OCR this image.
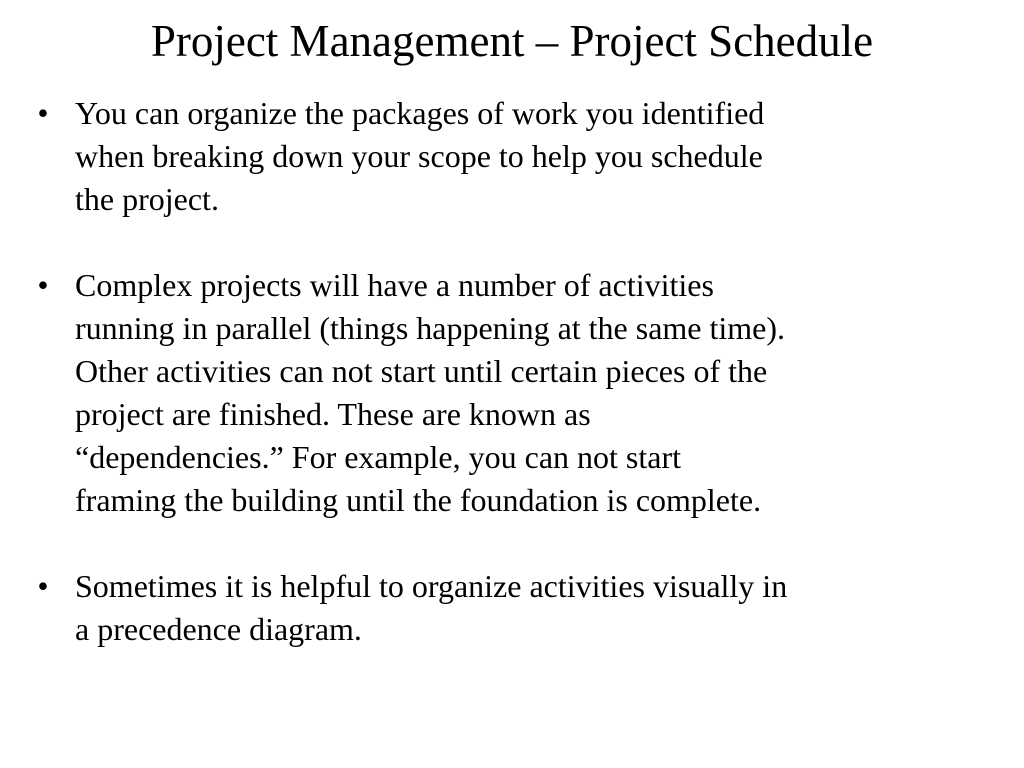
Project Management – Project Schedule
• You can organize the packages of work you identified
when breaking down your scope to help you schedule
the project.
• Complex projects will have a number of activities
running in parallel (things happening at the same time).
Other activities can not start until certain pieces of the
project are finished. These are known as
“dependencies.” For example, you can not start
framing the building until the foundation is complete.
• Sometimes it is helpful to organize activities visually in
a precedence diagram.
